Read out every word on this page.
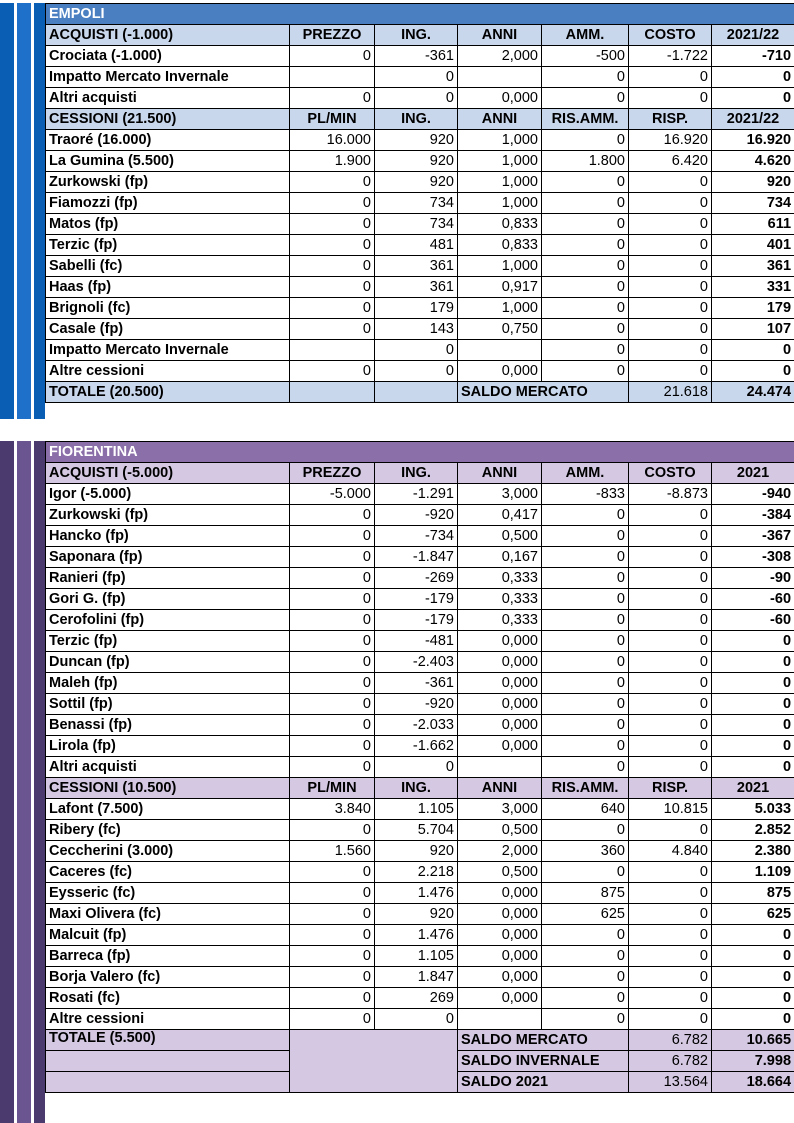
EMPOLI						
ACQUISTI (-1.000)	PREZZO	ING.	ANNI	AMM.	COSTO	2021/22
Crociata (-1.000)	0	-361	2,000	-500	-1.722	-710
Impatto Mercato Invernale		0		0	0	0
Altri acquisti	0	0	0,000	0	0	0
CESSIONI (21.500)	PL/MIN	ING.	ANNI	RIS.AMM.	RISP.	2021/22
Traoré (16.000)	16.000	920	1,000	0	16.920	16.920
La Gumina (5.500)	1.900	920	1,000	1.800	6.420	4.620
Zurkowski (fp)	0	920	1,000	0	0	920
Fiamozzi (fp)	0	734	1,000	0	0	734
Matos (fp)	0	734	0,833	0	0	611
Terzic (fp)	0	481	0,833	0	0	401
Sabelli (fc)	0	361	1,000	0	0	361
Haas (fp)	0	361	0,917	0	0	331
Brignoli (fc)	0	179	1,000	0	0	179
Casale (fp)	0	143	0,750	0	0	107
Impatto Mercato Invernale		0		0	0	0
Altre cessioni	0	0	0,000	0	0	0
TOTALE (20.500)			SALDO MERCATO		21.618	24.474
FIORENTINA						
ACQUISTI (-5.000)	PREZZO	ING.	ANNI	AMM.	COSTO	2021
Igor (-5.000)	-5.000	-1.291	3,000	-833	-8.873	-940
Zurkowski (fp)	0	-920	0,417	0	0	-384
Hancko (fp)	0	-734	0,500	0	0	-367
Saponara (fp)	0	-1.847	0,167	0	0	-308
Ranieri (fp)	0	-269	0,333	0	0	-90
Gori G. (fp)	0	-179	0,333	0	0	-60
Cerofolini (fp)	0	-179	0,333	0	0	-60
Terzic (fp)	0	-481	0,000	0	0	0
Duncan (fp)	0	-2.403	0,000	0	0	0
Maleh (fp)	0	-361	0,000	0	0	0
Sottil (fp)	0	-920	0,000	0	0	0
Benassi (fp)	0	-2.033	0,000	0	0	0
Lirola (fp)	0	-1.662	0,000	0	0	0
Altri acquisti	0	0		0	0	0
CESSIONI (10.500)	PL/MIN	ING.	ANNI	RIS.AMM.	RISP.	2021
Lafont (7.500)	3.840	1.105	3,000	640	10.815	5.033
Ribery (fc)	0	5.704	0,500	0	0	2.852
Ceccherini (3.000)	1.560	920	2,000	360	4.840	2.380
Caceres (fc)	0	2.218	0,500	0	0	1.109
Eysseric (fc)	0	1.476	0,000	875	0	875
Maxi Olivera (fc)	0	920	0,000	625	0	625
Malcuit (fp)	0	1.476	0,000	0	0	0
Barreca (fp)	0	1.105	0,000	0	0	0
Borja Valero (fc)	0	1.847	0,000	0	0	0
Rosati (fc)	0	269	0,000	0	0	0
Altre cessioni	0	0		0	0	0
TOTALE (5.500)			SALDO MERCATO		6.782	10.665
			SALDO INVERNALE		6.782	7.998
			SALDO 2021		13.564	18.664
